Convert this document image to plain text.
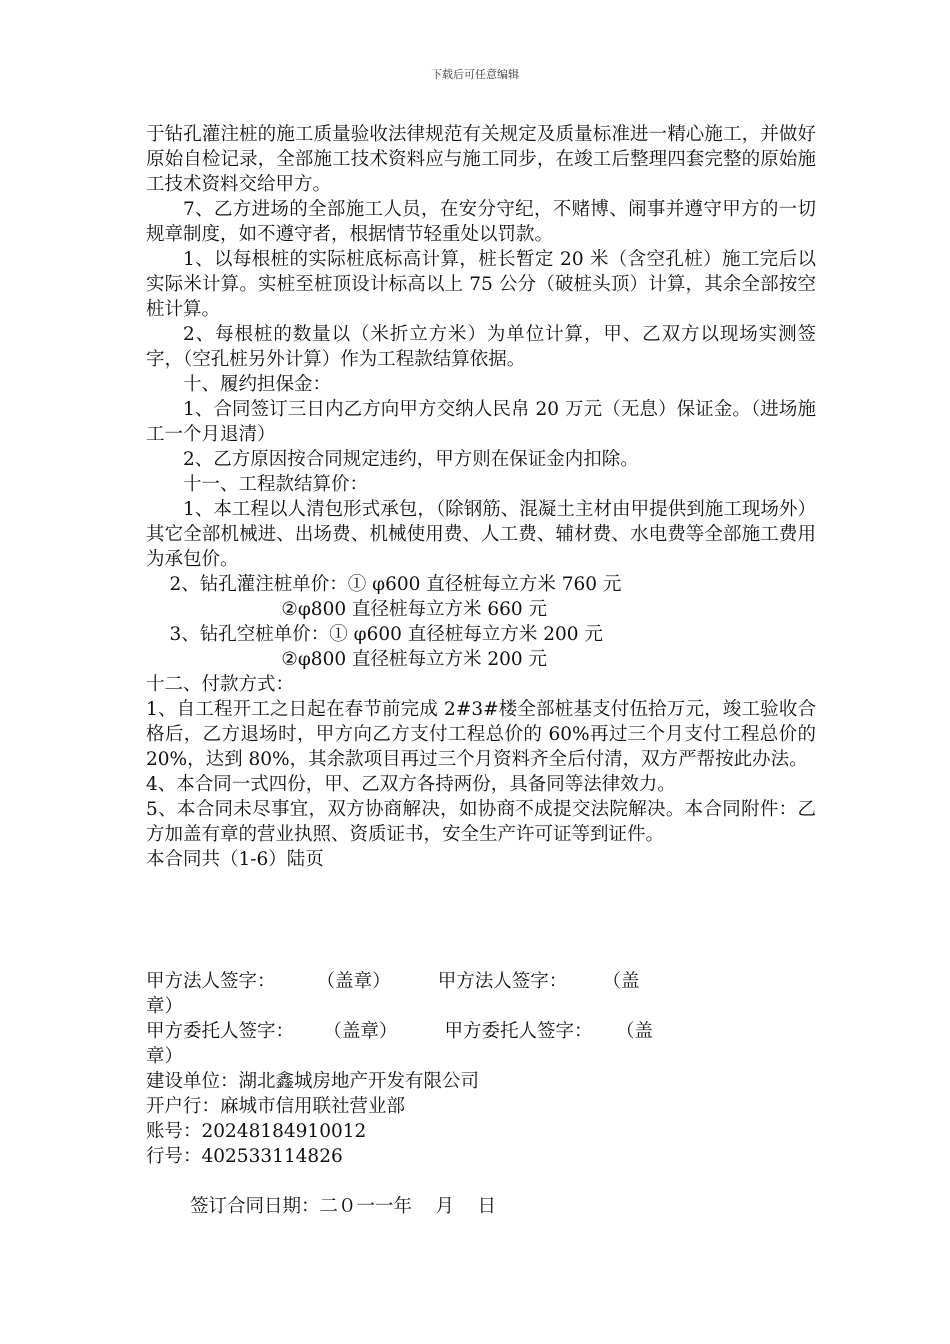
下载后可任意编辑

于钻孔灌注桩的施工质量验收法律规范有关规定及质量标准进一精心施工，并做好原始自检记录，全部施工技术资料应与施工同步，在竣工后整理四套完整的原始施工技术资料交给甲方。

7、乙方进场的全部施工人员，在安分守纪，不赌博、闹事并遵守甲方的一切规章制度，如不遵守者，根据情节轻重处以罚款。

1、以每根桩的实际桩底标高计算，桩长暂定 20 米（含空孔桩）施工完后以实际米计算。实桩至桩顶设计标高以上 75 公分（破桩头顶）计算，其余全部按空桩计算。

2、每根桩的数量以（米折立方米）为单位计算，甲、乙双方以现场实测签字，（空孔桩另外计算）作为工程款结算依据。

十、履约担保金：

1、合同签订三日内乙方向甲方交纳人民帛 20 万元（无息）保证金。（进场施工一个月退清）

2、乙方原因按合同规定违约，甲方则在保证金内扣除。

十一、工程款结算价：

1、本工程以人清包形式承包，（除钢筋、混凝土主材由甲提供到施工现场外）其它全部机械进、出场费、机械使用费、人工费、辅材费、水电费等全部施工费用为承包价。

2、钻孔灌注桩单价：① φ600 直径桩每立方米 760 元

②φ800 直径桩每立方米 660 元

3、钻孔空桩单价：① φ600 直径桩每立方米 200 元

②φ800 直径桩每立方米 200 元

十二、付款方式：

1、自工程开工之日起在春节前完成 2#3#楼全部桩基支付伍拾万元，竣工验收合格后，乙方退场时，甲方向乙方支付工程总价的 60%再过三个月支付工程总价的 20%，达到 80%，其余款项目再过三个月资料齐全后付清，双方严帮按此办法。

4、本合同一式四份，甲、乙双方各持两份，具备同等法律效力。

5、本合同未尽事宜，双方协商解决，如协商不成提交法院解决。本合同附件：乙方加盖有章的营业执照、资质证书，安全生产许可证等到证件。

本合同共（1-6）陆页

甲方法人签字：       （盖章）        甲方法人签字：      （盖

章）

甲方委托人签字：     （盖章）        甲方委托人签字：    （盖

章）

建设单位：湖北鑫城房地产开发有限公司

开户行：麻城市信用联社营业部

账号：20248184910012

行号：402533114826

签订合同日期：二０一一年    月    日
